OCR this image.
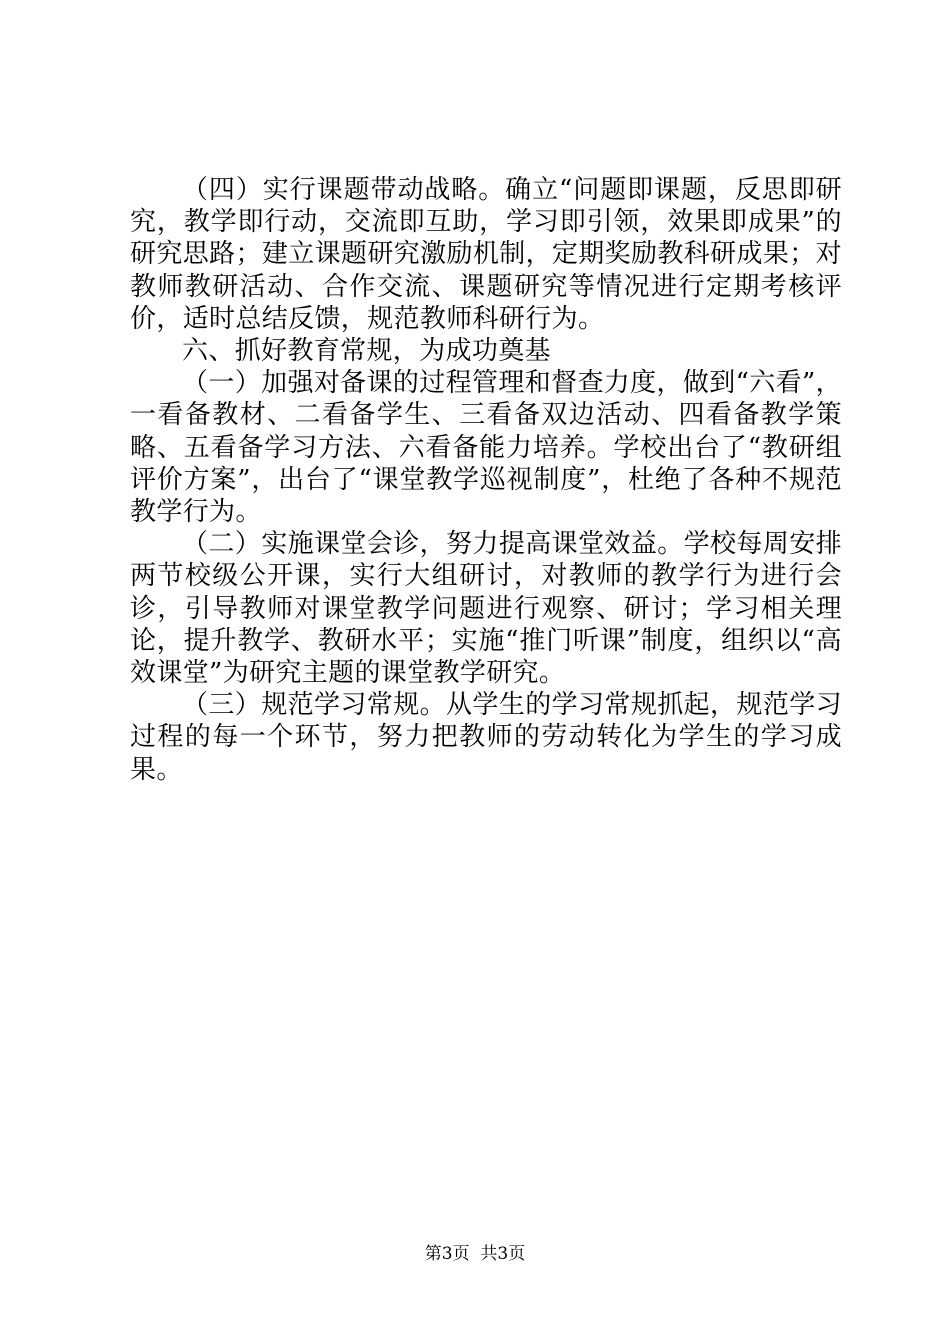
（四）实行课题带动战略。确立“问题即课题，反思即研究，教学即行动，交流即互助，学习即引领，效果即成果”的研究思路；建立课题研究激励机制，定期奖励教科研成果；对教师教研活动、合作交流、课题研究等情况进行定期考核评价，适时总结反馈，规范教师科研行为。

六、抓好教育常规，为成功奠基

（一）加强对备课的过程管理和督查力度，做到“六看”，一看备教材、二看备学生、三看备双边活动、四看备教学策略、五看备学习方法、六看备能力培养。学校出台了“教研组评价方案”，出台了“课堂教学巡视制度”，杜绝了各种不规范教学行为。

（二）实施课堂会诊，努力提高课堂效益。学校每周安排两节校级公开课，实行大组研讨，对教师的教学行为进行会诊，引导教师对课堂教学问题进行观察、研讨；学习相关理论，提升教学、教研水平；实施“推门听课”制度，组织以“高效课堂”为研究主题的课堂教学研究。

（三）规范学习常规。从学生的学习常规抓起，规范学习过程的每一个环节，努力把教师的劳动转化为学生的学习成果。

第3页  共3页
